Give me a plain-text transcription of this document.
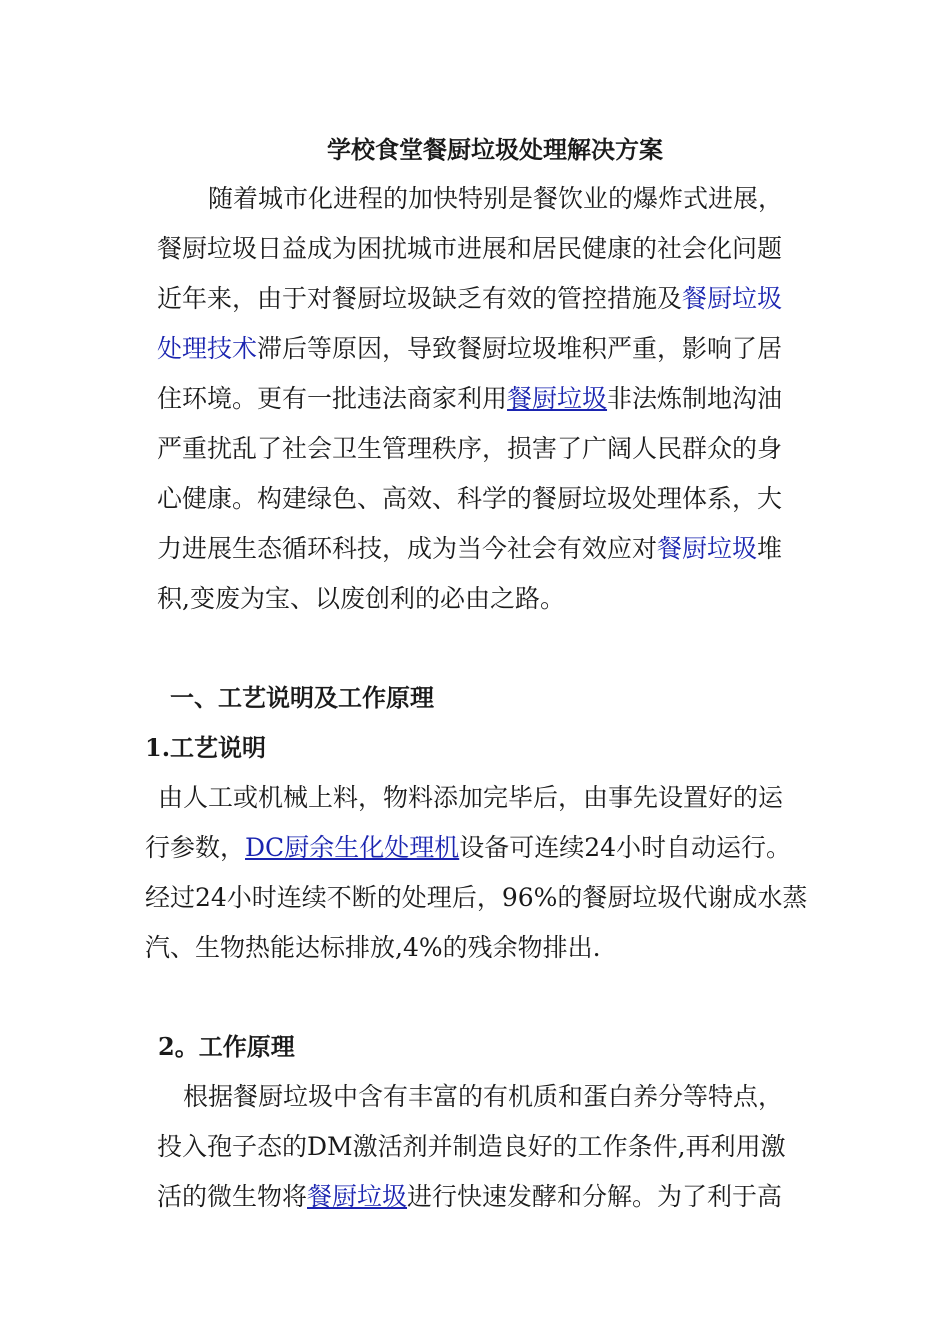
学校食堂餐厨垃圾处理解决方案
随着城市化进程的加快特别是餐饮业的爆炸式进展，
餐厨垃圾日益成为困扰城市进展和居民健康的社会化问题
近年来，由于对餐厨垃圾缺乏有效的管控措施及餐厨垃圾
处理技术滞后等原因，导致餐厨垃圾堆积严重，影响了居
住环境。更有一批违法商家利用餐厨垃圾非法炼制地沟油
严重扰乱了社会卫生管理秩序，损害了广阔人民群众的身
心健康。构建绿色、高效、科学的餐厨垃圾处理体系，大
力进展生态循环科技，成为当今社会有效应对餐厨垃圾堆
积,变废为宝、以废创利的必由之路。
一、工艺说明及工作原理
1.工艺说明
由人工或机械上料，物料添加完毕后，由事先设置好的运
行参数，DC厨余生化处理机设备可连续24小时自动运行。
经过24小时连续不断的处理后，96%的餐厨垃圾代谢成水蒸
汽、生物热能达标排放,4%的残余物排出.
2。工作原理
根据餐厨垃圾中含有丰富的有机质和蛋白养分等特点，
投入孢子态的DM激活剂并制造良好的工作条件,再利用激
活的微生物将餐厨垃圾进行快速发酵和分解。为了利于高
